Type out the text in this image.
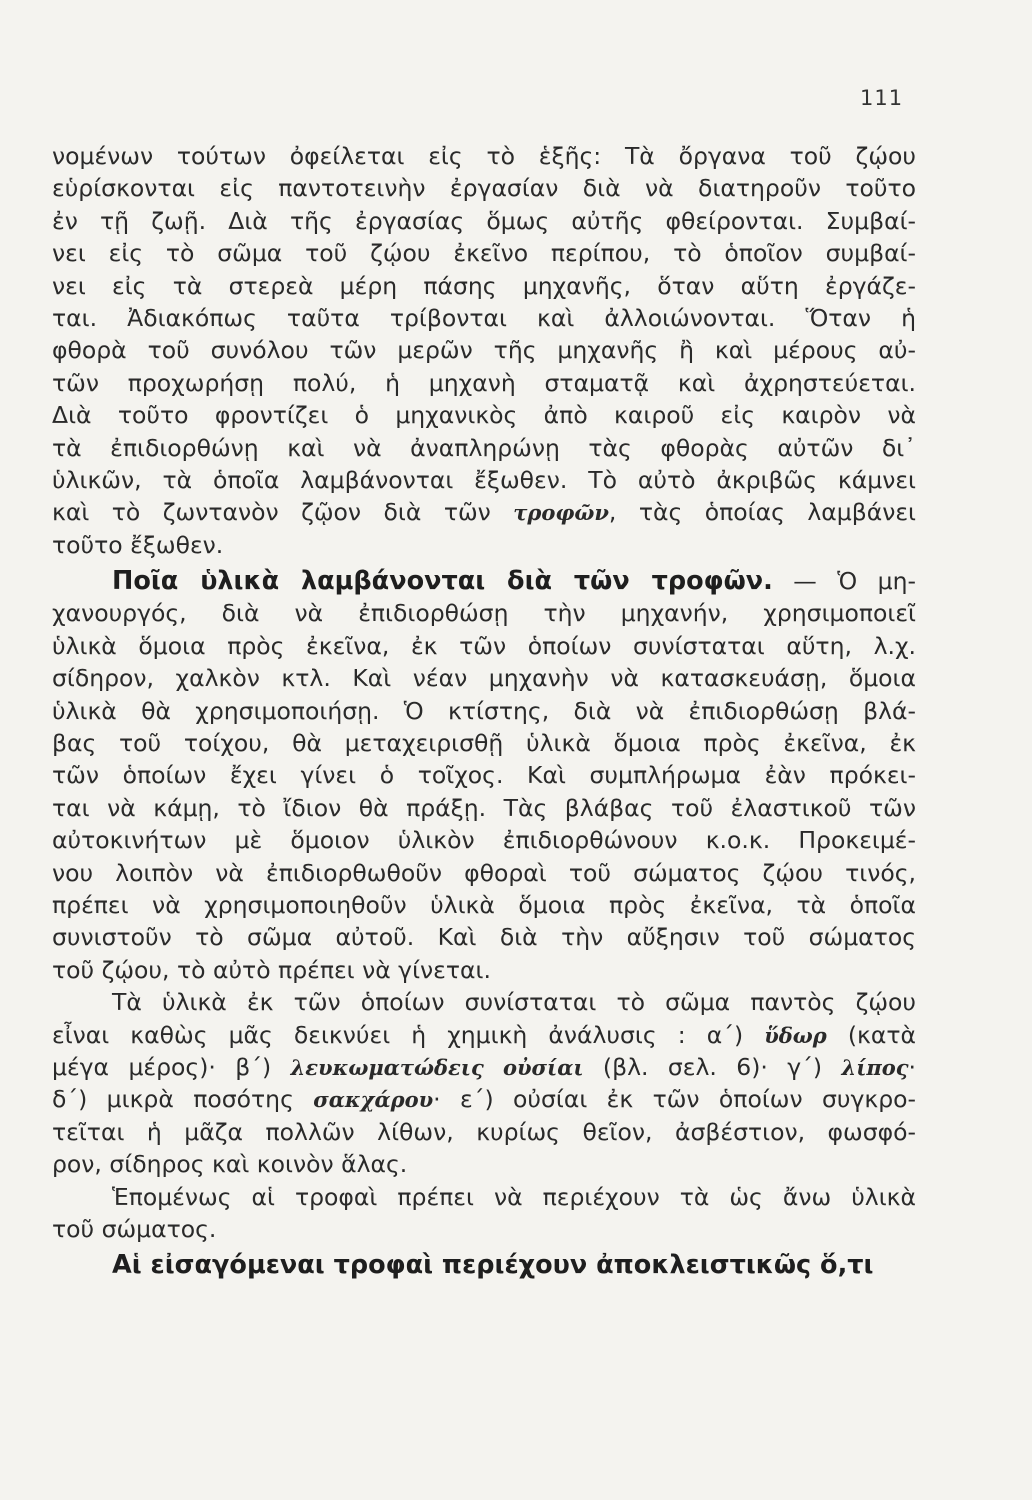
111
νομένων τούτων ὀφείλεται εἰς τὸ ἑξῆς: Τὰ ὄργανα τοῦ ζῴου
εὑρίσκονται εἰς παντοτεινὴν ἐργασίαν διὰ νὰ διατηροῦν τοῦτο
ἐν τῇ ζωῇ. Διὰ τῆς ἐργασίας ὅμως αὐτῆς φθείρονται. Συμβαί-
νει εἰς τὸ σῶμα τοῦ ζῴου ἐκεῖνο περίπου, τὸ ὁποῖον συμβαί-
νει εἰς τὰ στερεὰ μέρη πάσης μηχανῆς, ὅταν αὕτη ἐργάζε-
ται. Ἀδιακόπως ταῦτα τρίβονται καὶ ἀλλοιώνονται. Ὅταν ἡ
φθορὰ τοῦ συνόλου τῶν μερῶν τῆς μηχανῆς ἢ καὶ μέρους αὐ-
τῶν προχωρήσῃ πολύ, ἡ μηχανὴ σταματᾷ καὶ ἀχρηστεύεται.
Διὰ τοῦτο φροντίζει ὁ μηχανικὸς ἀπὸ καιροῦ εἰς καιρὸν νὰ
τὰ ἐπιδιορθώνῃ καὶ νὰ ἀναπληρώνῃ τὰς φθορὰς αὐτῶν δι᾽
ὑλικῶν, τὰ ὁποῖα λαμβάνονται ἔξωθεν. Τὸ αὐτὸ ἀκριβῶς κάμνει
καὶ τὸ ζωντανὸν ζῷον διὰ τῶν τροφῶν, τὰς ὁποίας λαμβάνει
τοῦτο ἔξωθεν.
Ποῖα ὑλικὰ λαμβάνονται διὰ τῶν τροφῶν. — Ὁ μη-
χανουργός, διὰ νὰ ἐπιδιορθώσῃ τὴν μηχανήν, χρησιμοποιεῖ
ὑλικὰ ὅμοια πρὸς ἐκεῖνα, ἐκ τῶν ὁποίων συνίσταται αὕτη, λ.χ.
σίδηρον, χαλκὸν κτλ. Καὶ νέαν μηχανὴν νὰ κατασκευάσῃ, ὅμοια
ὑλικὰ θὰ χρησιμοποιήσῃ. Ὁ κτίστης, διὰ νὰ ἐπιδιορθώσῃ βλά-
βας τοῦ τοίχου, θὰ μεταχειρισθῇ ὑλικὰ ὅμοια πρὸς ἐκεῖνα, ἐκ
τῶν ὁποίων ἔχει γίνει ὁ τοῖχος. Καὶ συμπλήρωμα ἐὰν πρόκει-
ται νὰ κάμῃ, τὸ ἴδιον θὰ πράξῃ. Τὰς βλάβας τοῦ ἐλαστικοῦ τῶν
αὐτοκινήτων μὲ ὅμοιον ὑλικὸν ἐπιδιορθώνουν κ.ο.κ. Προκειμέ-
νου λοιπὸν νὰ ἐπιδιορθωθοῦν φθοραὶ τοῦ σώματος ζῴου τινός,
πρέπει νὰ χρησιμοποιηθοῦν ὑλικὰ ὅμοια πρὸς ἐκεῖνα, τὰ ὁποῖα
συνιστοῦν τὸ σῶμα αὐτοῦ. Καὶ διὰ τὴν αὔξησιν τοῦ σώματος
τοῦ ζῴου, τὸ αὐτὸ πρέπει νὰ γίνεται.
Τὰ ὑλικὰ ἐκ τῶν ὁποίων συνίσταται τὸ σῶμα παντὸς ζῴου
εἶναι καθὼς μᾶς δεικνύει ἡ χημικὴ ἀνάλυσις : α΄) ὕδωρ (κατὰ
μέγα μέρος)· β΄) λευκωματώδεις οὐσίαι (βλ. σελ. 6)· γ΄) λίπος·
δ΄) μικρὰ ποσότης σακχάρου· ε΄) οὐσίαι ἐκ τῶν ὁποίων συγκρο-
τεῖται ἡ μᾶζα πολλῶν λίθων, κυρίως θεῖον, ἀσβέστιον, φωσφό-
ρον, σίδηρος καὶ κοινὸν ἅλας.
Ἑπομένως αἱ τροφαὶ πρέπει νὰ περιέχουν τὰ ὡς ἄνω ὑλικὰ
τοῦ σώματος.
Αἱ εἰσαγόμεναι τροφαὶ περιέχουν ἀποκλειστικῶς ὅ,τι
